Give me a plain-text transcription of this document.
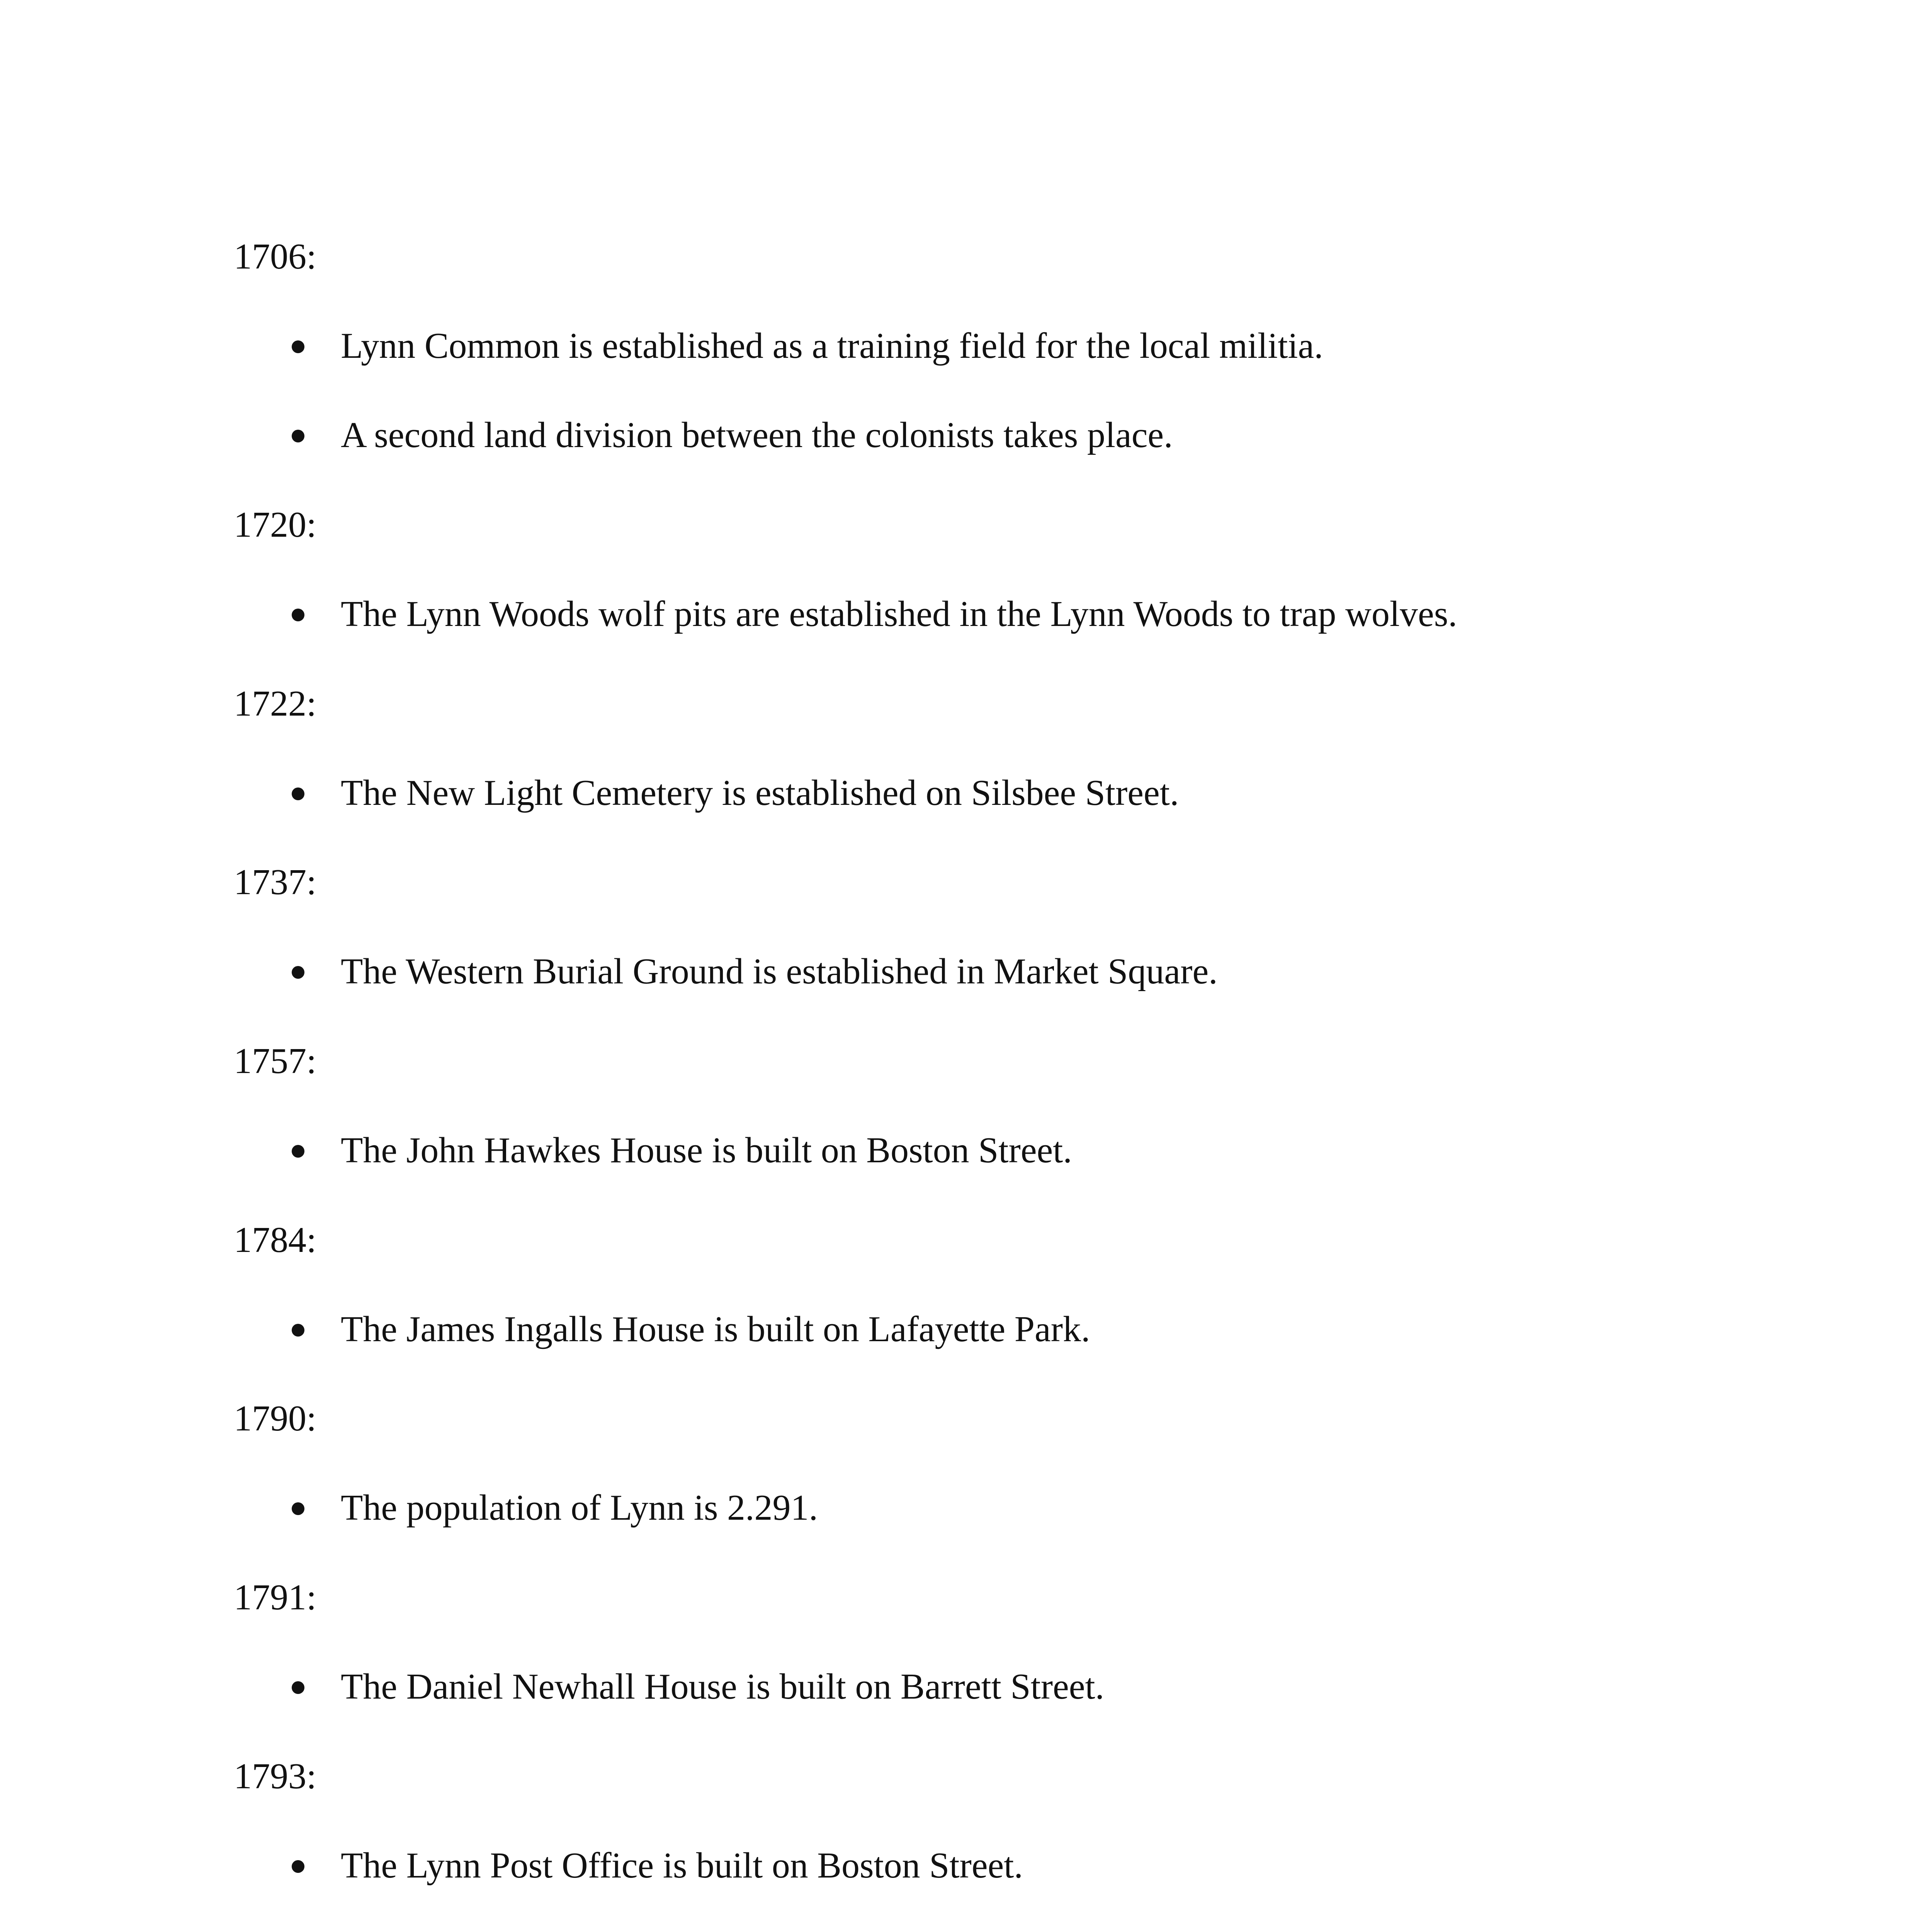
1706:
Lynn Common is established as a training field for the local militia.
A second land division between the colonists takes place.
1720:
The Lynn Woods wolf pits are established in the Lynn Woods to trap wolves.
1722:
The New Light Cemetery is established on Silsbee Street.
1737:
The Western Burial Ground is established in Market Square.
1757:
The John Hawkes House is built on Boston Street.
1784:
The James Ingalls House is built on Lafayette Park.
1790:
The population of Lynn is 2.291.
1791:
The Daniel Newhall House is built on Barrett Street.
1793:
The Lynn Post Office is built on Boston Street.
